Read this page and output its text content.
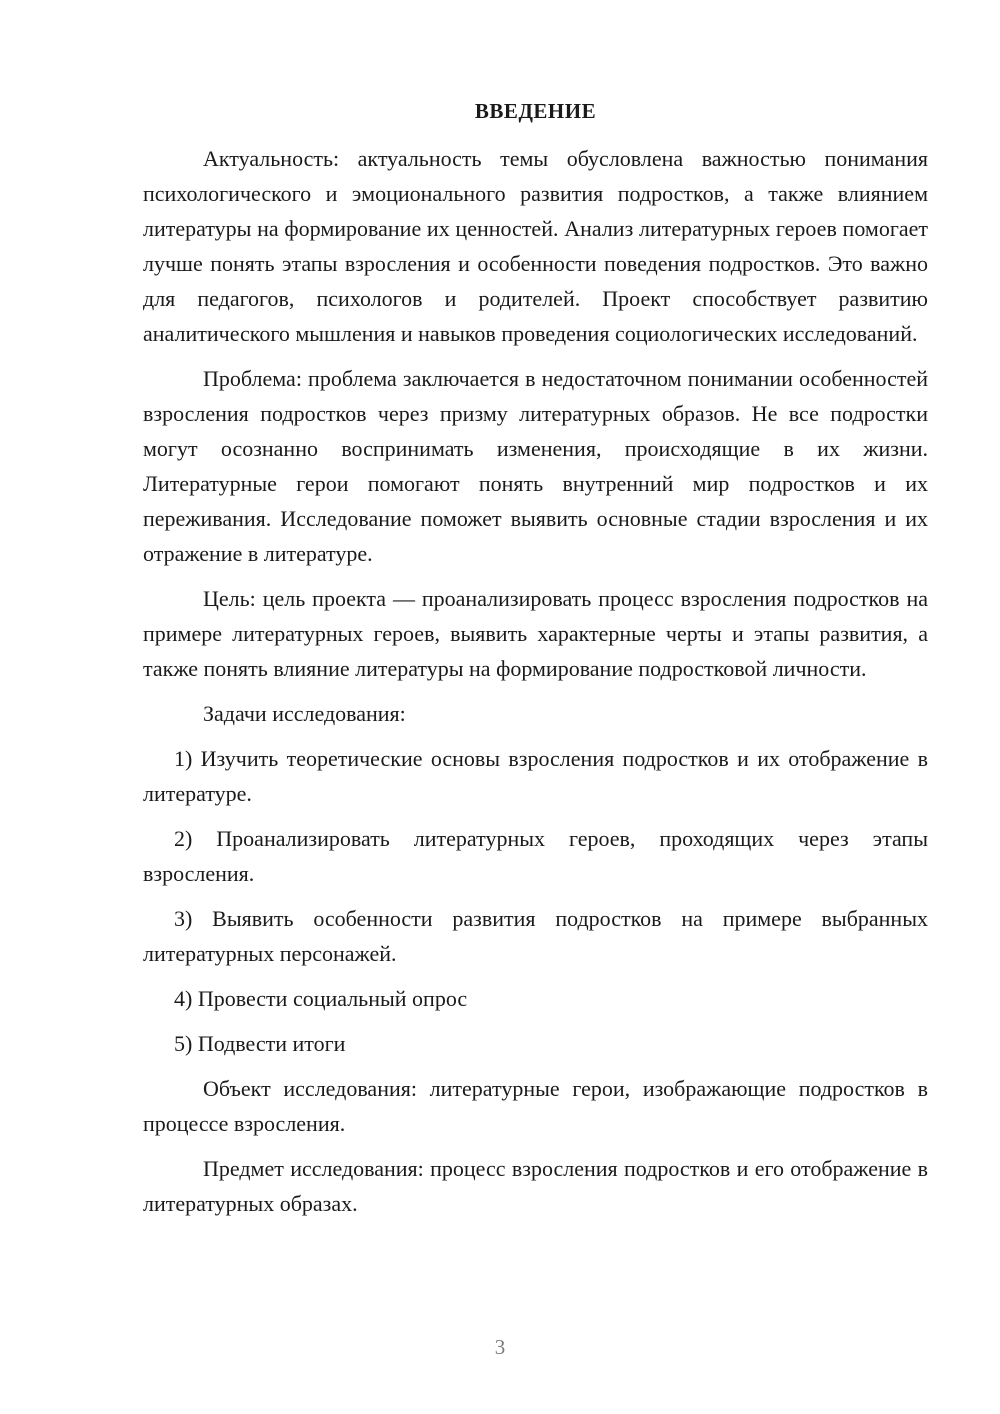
ВВЕДЕНИЕ

Актуальность: актуальность темы обусловлена важностью понимания психологического и эмоционального развития подростков, а также влиянием литературы на формирование их ценностей. Анализ литературных героев помогает лучше понять этапы взросления и особенности поведения подростков. Это важно для педагогов, психологов и родителей. Проект способствует развитию аналитического мышления и навыков проведения социологических исследований.

Проблема: проблема заключается в недостаточном понимании особенностей взросления подростков через призму литературных образов. Не все подростки могут осознанно воспринимать изменения, происходящие в их жизни. Литературные герои помогают понять внутренний мир подростков и их переживания. Исследование поможет выявить основные стадии взросления и их отражение в литературе.

Цель: цель проекта — проанализировать процесс взросления подростков на примере литературных героев, выявить характерные черты и этапы развития, а также понять влияние литературы на формирование подростковой личности.

Задачи исследования:

1) Изучить теоретические основы взросления подростков и их отображение в литературе.

2) Проанализировать литературных героев, проходящих через этапы взросления.

3) Выявить особенности развития подростков на примере выбранных литературных персонажей.

4) Провести социальный опрос

5) Подвести итоги

Объект исследования: литературные герои, изображающие подростков в процессе взросления.

Предмет исследования: процесс взросления подростков и его отображение в литературных образах.

3
